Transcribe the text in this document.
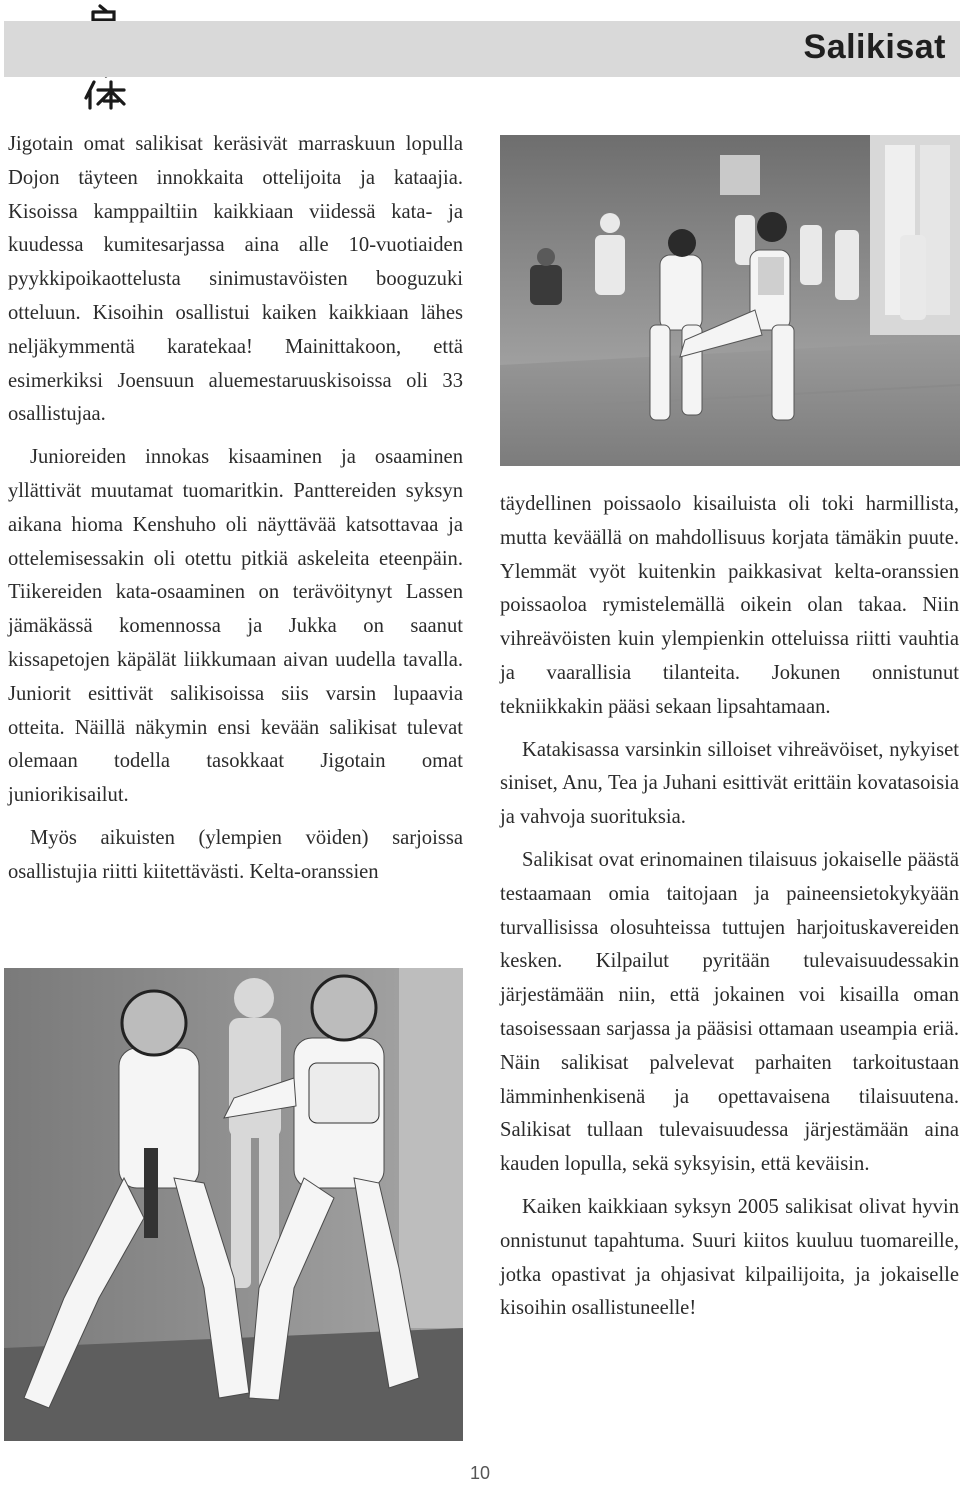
Salikisat

Jigotain omat salikisat keräsivät marraskuun lopulla Dojon täyteen innokkaita ottelijoita ja kataajia. Kisoissa kamppailtiin kaikkiaan viidessä kata- ja kuudessa kumitesarjassa aina alle 10-vuotiaiden pyykkipoikaottelusta sinimustavöisten booguzuki otteluun. Kisoihin osallistui kaiken kaikkiaan lähes neljäkymmentä karatekaa! Mainittakoon, että esimerkiksi Joensuun aluemestaruuskisoissa oli 33 osallistujaa.

Junioreiden innokas kisaaminen ja osaaminen yllättivät muutamat tuomaritkin. Panttereiden syksyn aikana hioma Kenshuho oli näyttävää katsottavaa ja ottelemisessakin oli otettu pitkiä askeleita eteenpäin. Tiikereiden kata-osaaminen on terävöitynyt Lassen jämäkässä komennossa ja Jukka on saanut kissapetojen käpälät liikkumaan aivan uudella tavalla. Juniorit esittivät salikisoissa siis varsin lupaavia otteita. Näillä näkymin ensi kevään salikisat tulevat olemaan todella tasokkaat Jigotain omat juniorikisailut.

Myös aikuisten (ylempien vöiden) sarjoissa osallistujia riitti kiitettävästi. Kelta-oranssien

täydellinen poissaolo kisailuista oli toki harmillista, mutta keväällä on mahdollisuus korjata tämäkin puute. Ylemmät vyöt kuitenkin paikkasivat kelta-oranssien poissaoloa rymistelemällä oikein olan takaa. Niin vihreävöisten kuin ylempienkin otteluissa riitti vauhtia ja vaarallisia tilanteita. Jokunen onnistunut tekniikkakin pääsi sekaan lipsahtamaan.

Katakisassa varsinkin silloiset vihreävöiset, nykyiset siniset, Anu, Tea ja Juhani esittivät erittäin kovatasoisia ja vahvoja suorituksia.

Salikisat ovat erinomainen tilaisuus jokaiselle päästä testaamaan omia taitojaan ja paineensietokykyään turvallisissa olosuhteissa tuttujen harjoituskavereiden kesken. Kilpailut pyritään tulevaisuudessakin järjestämään niin, että jokainen voi kisailla oman tasoisessaan sarjassa ja pääsisi ottamaan useampia eriä. Näin salikisat palvelevat parhaiten tarkoitustaan lämminhenkisenä ja opettavaisena tilaisuutena. Salikisat tullaan tulevaisuudessa järjestämään aina kauden lopulla, sekä syksyisin, että keväisin.

Kaiken kaikkiaan syksyn 2005 salikisat olivat hyvin onnistunut tapahtuma. Suuri kiitos kuuluu tuomareille, jotka opastivat ja ohjasivat kilpailijoita, ja jokaiselle kisoihin osallistuneelle!

10
